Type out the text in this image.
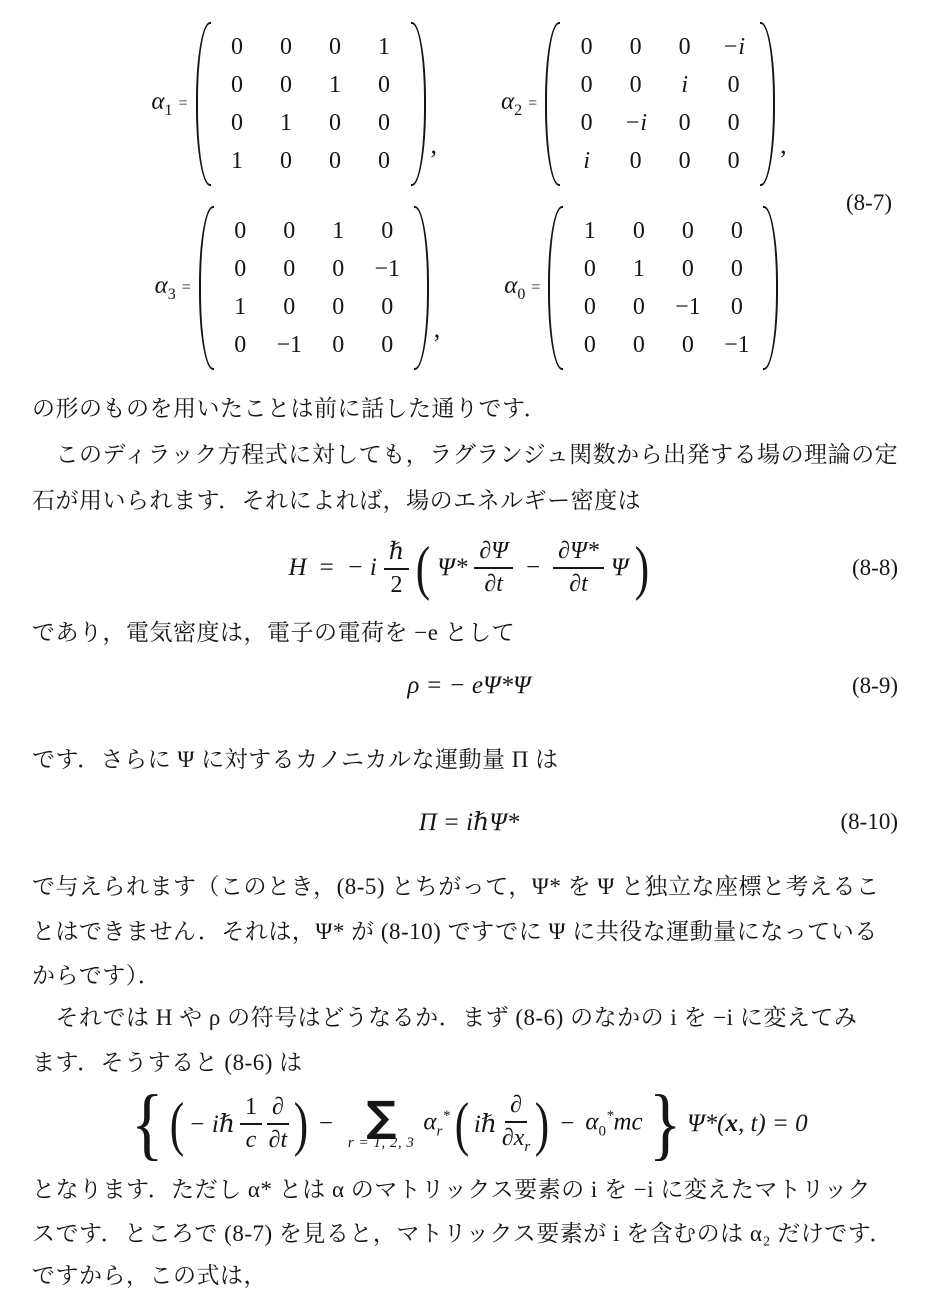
$\alpha_1$ =
0	0	0	1
0	0	1	0
0	1	0	0
1	0	0	0
,
$\alpha_2$ =
0	0	0	−i
0	0	i	0
0	−i	0	0
i	0	0	0
,
$\alpha_3$ =
0	0	1	0
0	0	0	−1
1	0	0	0
0	−1	0	0
,
$\alpha_0$ =
1	0	0	0
0	1	0	0
0	0	−1	0
0	0	0	−1
(8-7)
の形のものを用いたことは前に話した通りです．
　このディラック方程式に対しても，ラグランジュ関数から出発する場の理論の定
石が用いられます．それによれば，場のエネルギー密度は
H = − i $\frac{\text{ℏ}}{2}$ ( $\Psi* \frac{\partial\Psi}{\partial t} - \frac{\partial\Psi*}{\partial t}$ Ψ )	(8-8)
であり，電気密度は，電子の電荷を −e として
ρ = − eΨ*Ψ	(8-9)
です．さらに Ψ に対するカノニカルな運動量 Π は
Π = iℏΨ*	(8-10)
で与えられます（このとき，(8-5) とちがって，Ψ* を Ψ と独立な座標と考えるこ
とはできません．それは，Ψ* が (8-10) ですでに Ψ に共役な運動量になっている
からです）．
　それでは H や ρ の符号はどうなるか．まず (8-6) のなかの i を −i に変えてみ
ます．そうすると (8-6) は
{ ( − iℏ $\frac{1}{c} \frac{\partial}{\partial t}$ ) − ∑
r = 1, 2, 3
$\alpha_r^*$ ( iℏ $\frac{\partial}{\partial x_r}$ ) − $\alpha_0^*mc$ } Ψ*(x, t) = 0
となります．ただし α* とは α のマトリックス要素の i を −i に変えたマトリック
スです．ところで (8-7) を見ると，マトリックス要素が i を含むのは α₂ だけです．
ですから，この式は，
